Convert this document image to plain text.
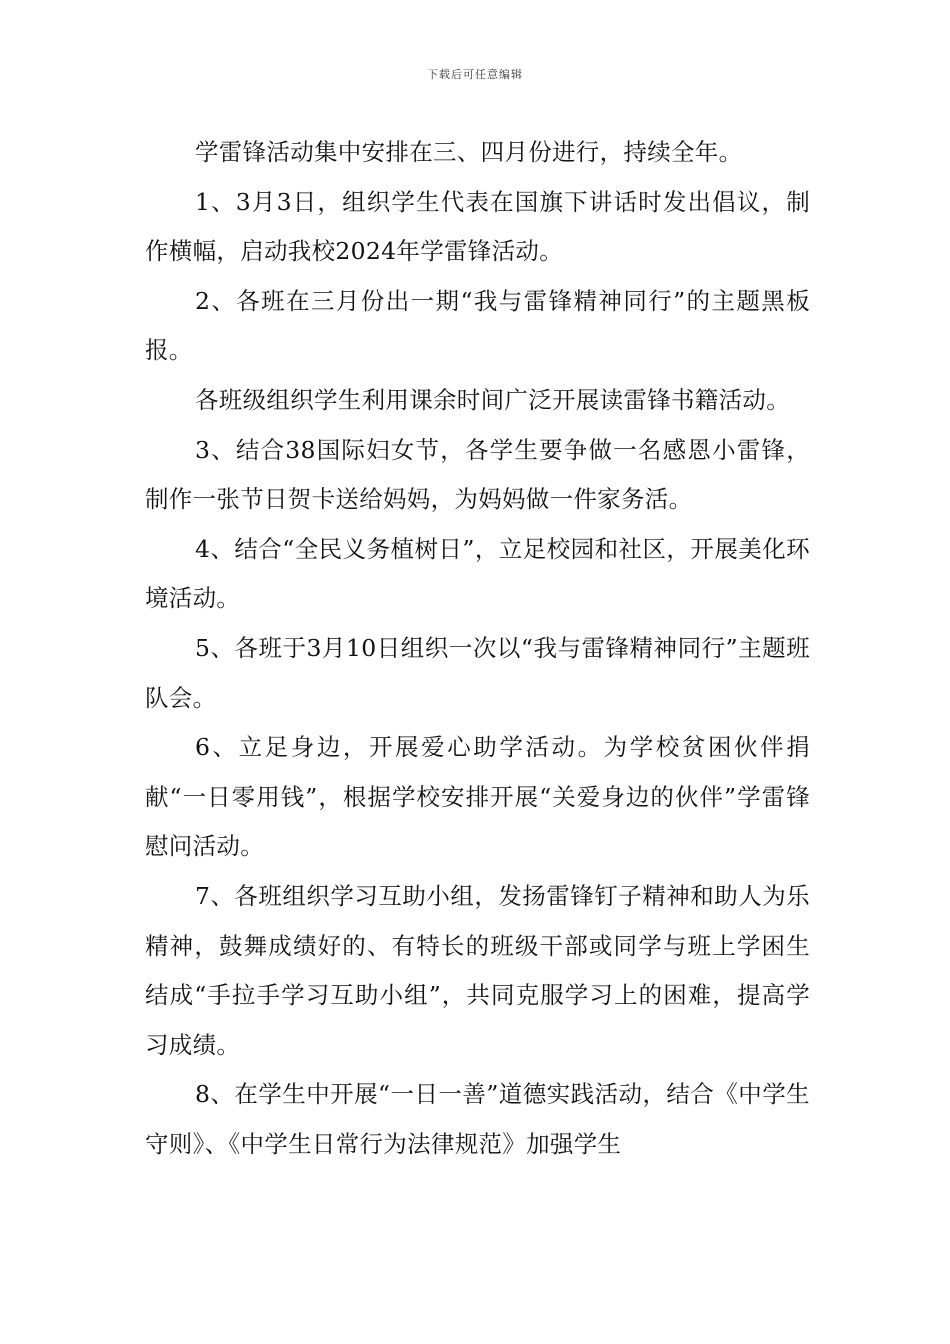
下载后可任意编辑

学雷锋活动集中安排在三、四月份进行，持续全年。

1、3月3日，组织学生代表在国旗下讲话时发出倡议，制作横幅，启动我校2024年学雷锋活动。

2、各班在三月份出一期“我与雷锋精神同行”的主题黑板报。

各班级组织学生利用课余时间广泛开展读雷锋书籍活动。

3、结合38国际妇女节，各学生要争做一名感恩小雷锋，制作一张节日贺卡送给妈妈，为妈妈做一件家务活。

4、结合“全民义务植树日”，立足校园和社区，开展美化环境活动。

5、各班于3月10日组织一次以“我与雷锋精神同行”主题班队会。

6、立足身边，开展爱心助学活动。为学校贫困伙伴捐献“一日零用钱”，根据学校安排开展“关爱身边的伙伴”学雷锋慰问活动。

7、各班组织学习互助小组，发扬雷锋钉子精神和助人为乐精神，鼓舞成绩好的、有特长的班级干部或同学与班上学困生结成“手拉手学习互助小组”，共同克服学习上的困难，提高学习成绩。

8、在学生中开展“一日一善”道德实践活动，结合《中学生守则》、《中学生日常行为法律规范》加强学生
